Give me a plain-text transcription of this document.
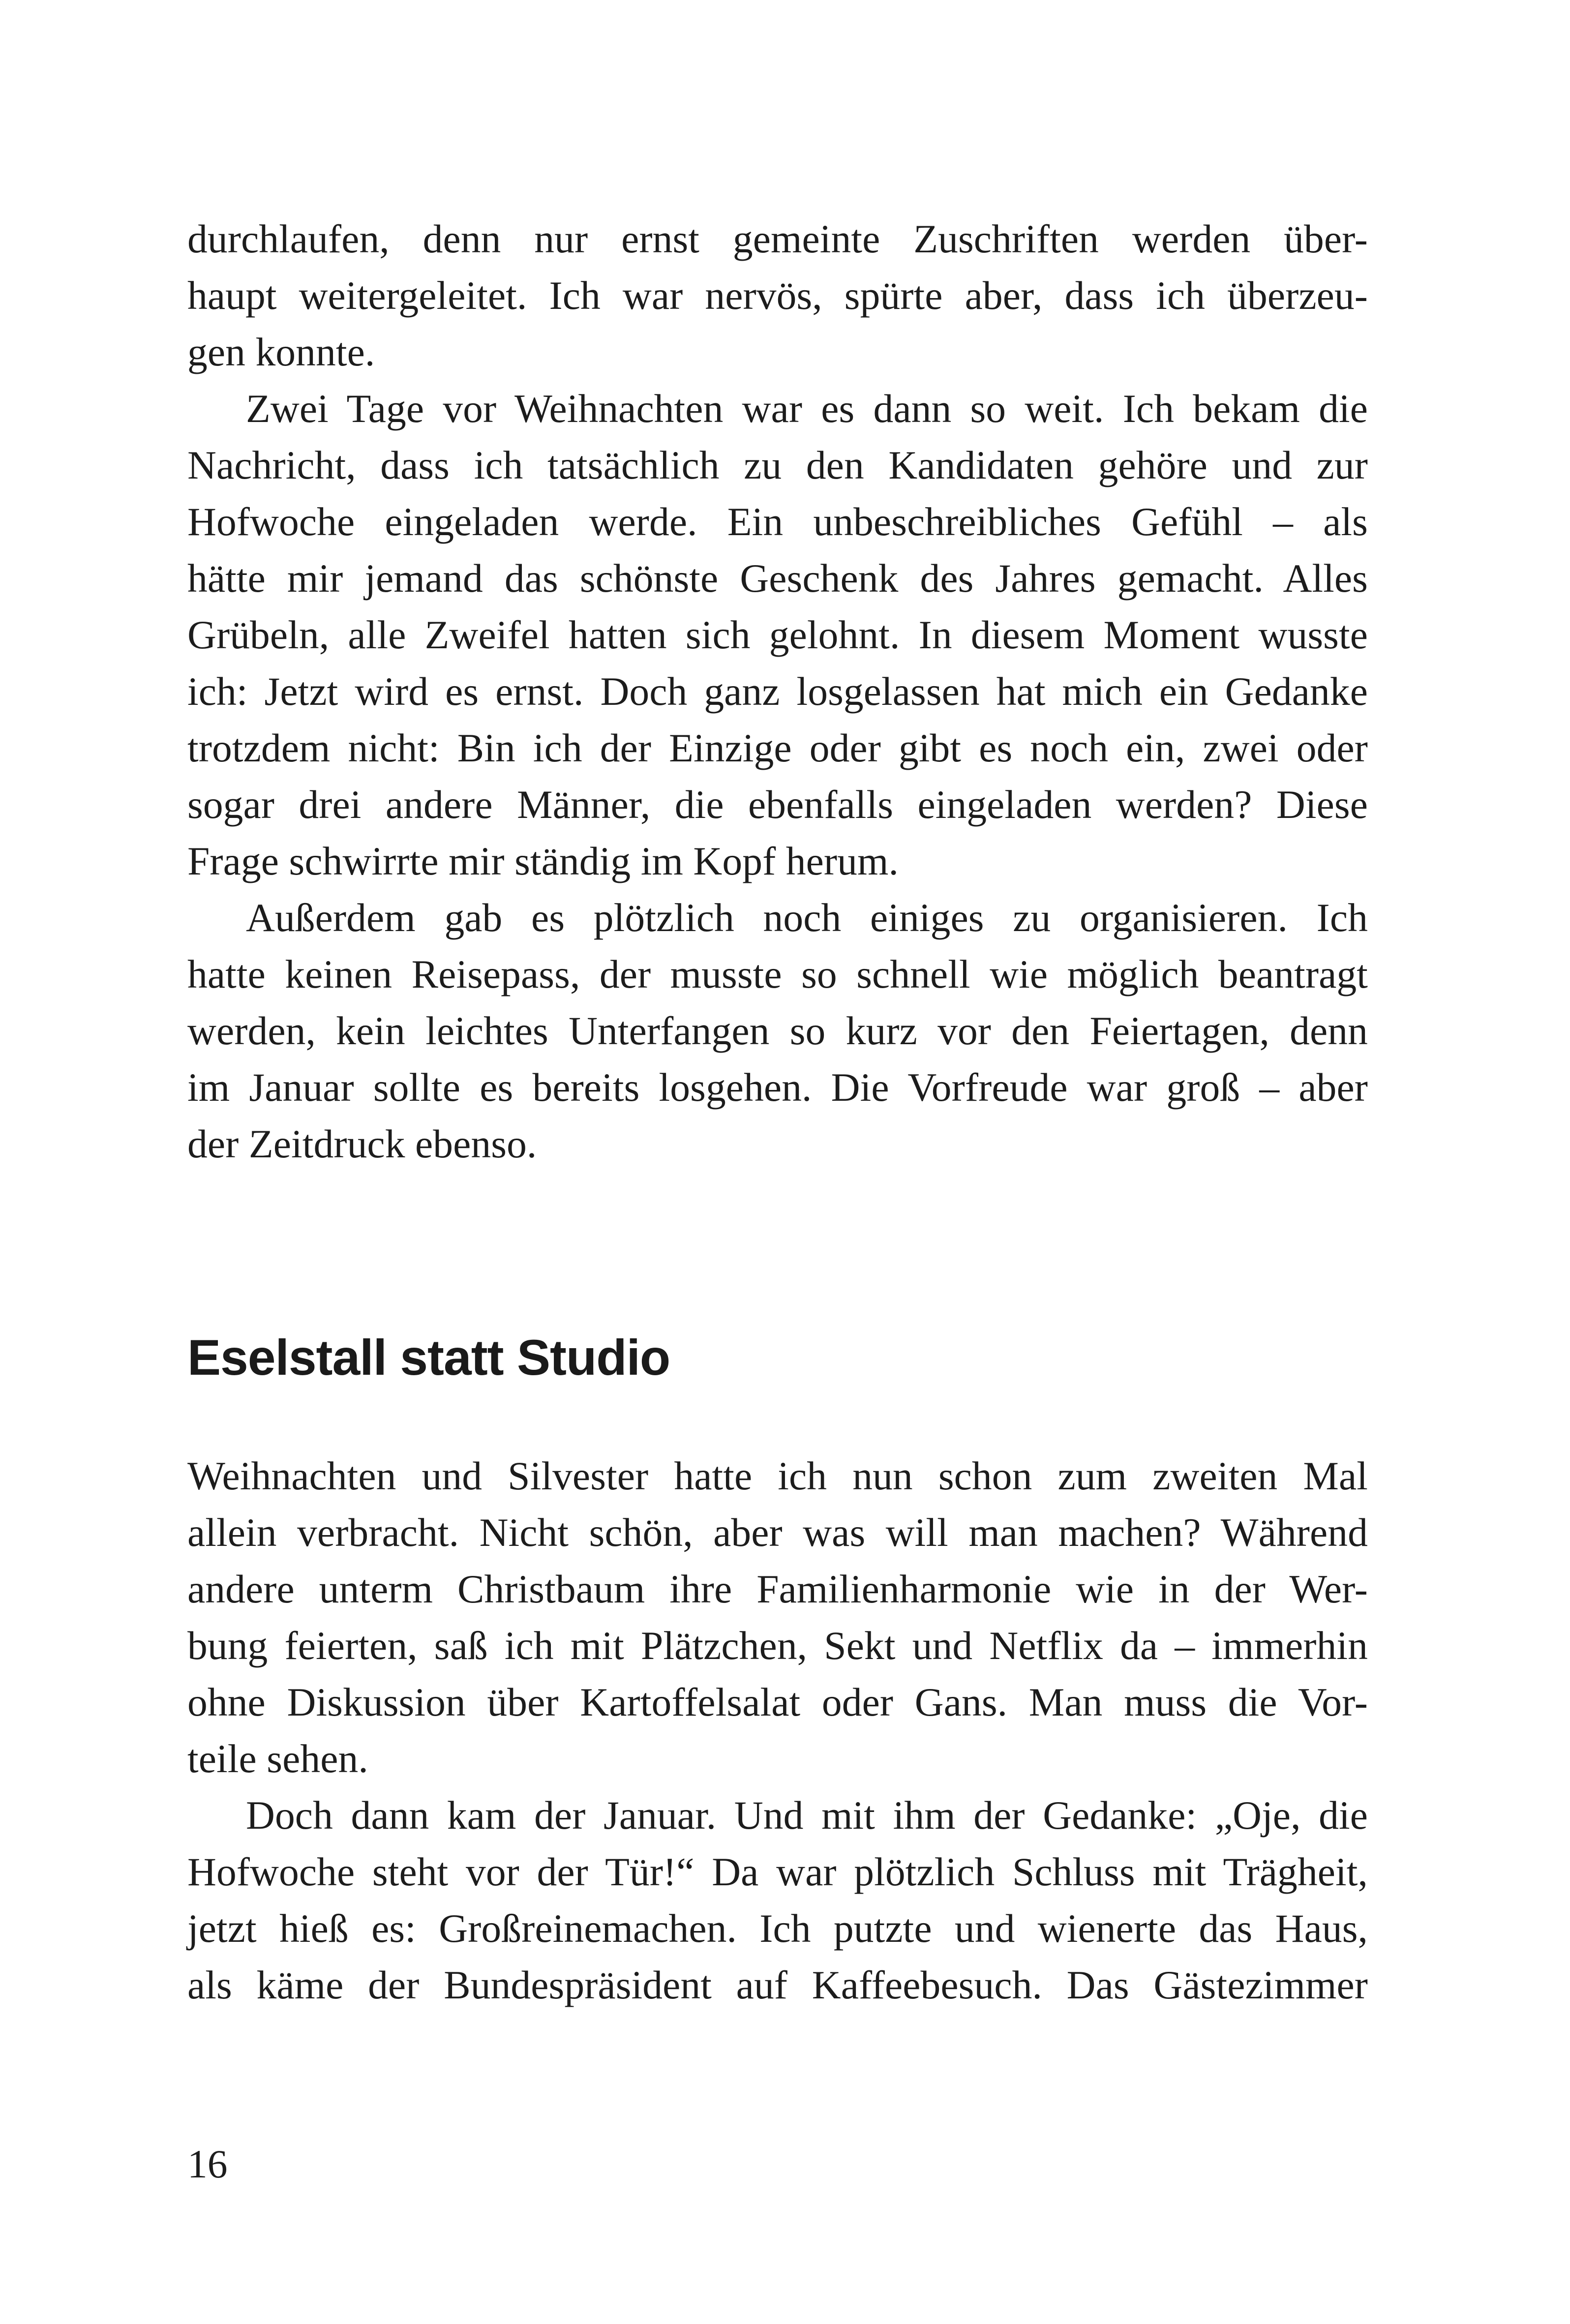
durchlaufen, denn nur ernst gemeinte Zuschriften werden über-
haupt weitergeleitet. Ich war nervös, spürte aber, dass ich überzeu-
gen konnte.
Zwei Tage vor Weihnachten war es dann so weit. Ich bekam die
Nachricht, dass ich tatsächlich zu den Kandidaten gehöre und zur
Hofwoche eingeladen werde. Ein unbeschreibliches Gefühl – als
hätte mir jemand das schönste Geschenk des Jahres gemacht. Alles
Grübeln, alle Zweifel hatten sich gelohnt. In diesem Moment wusste
ich: Jetzt wird es ernst. Doch ganz losgelassen hat mich ein Gedanke
trotzdem nicht: Bin ich der Einzige oder gibt es noch ein, zwei oder
sogar drei andere Männer, die ebenfalls eingeladen werden? Diese
Frage schwirrte mir ständig im Kopf herum.
Außerdem gab es plötzlich noch einiges zu organisieren. Ich
hatte keinen Reisepass, der musste so schnell wie möglich beantragt
werden, kein leichtes Unterfangen so kurz vor den Feiertagen, denn
im Januar sollte es bereits losgehen. Die Vorfreude war groß – aber
der Zeitdruck ebenso.
Eselstall statt Studio
Weihnachten und Silvester hatte ich nun schon zum zweiten Mal
allein verbracht. Nicht schön, aber was will man machen? Während
andere unterm Christbaum ihre Familienharmonie wie in der Wer-
bung feierten, saß ich mit Plätzchen, Sekt und Netflix da – immerhin
ohne Diskussion über Kartoffelsalat oder Gans. Man muss die Vor-
teile sehen.
Doch dann kam der Januar. Und mit ihm der Gedanke: „Oje, die
Hofwoche steht vor der Tür!“ Da war plötzlich Schluss mit Trägheit,
jetzt hieß es: Großreinemachen. Ich putzte und wienerte das Haus,
als käme der Bundespräsident auf Kaffeebesuch. Das Gästezimmer
16
